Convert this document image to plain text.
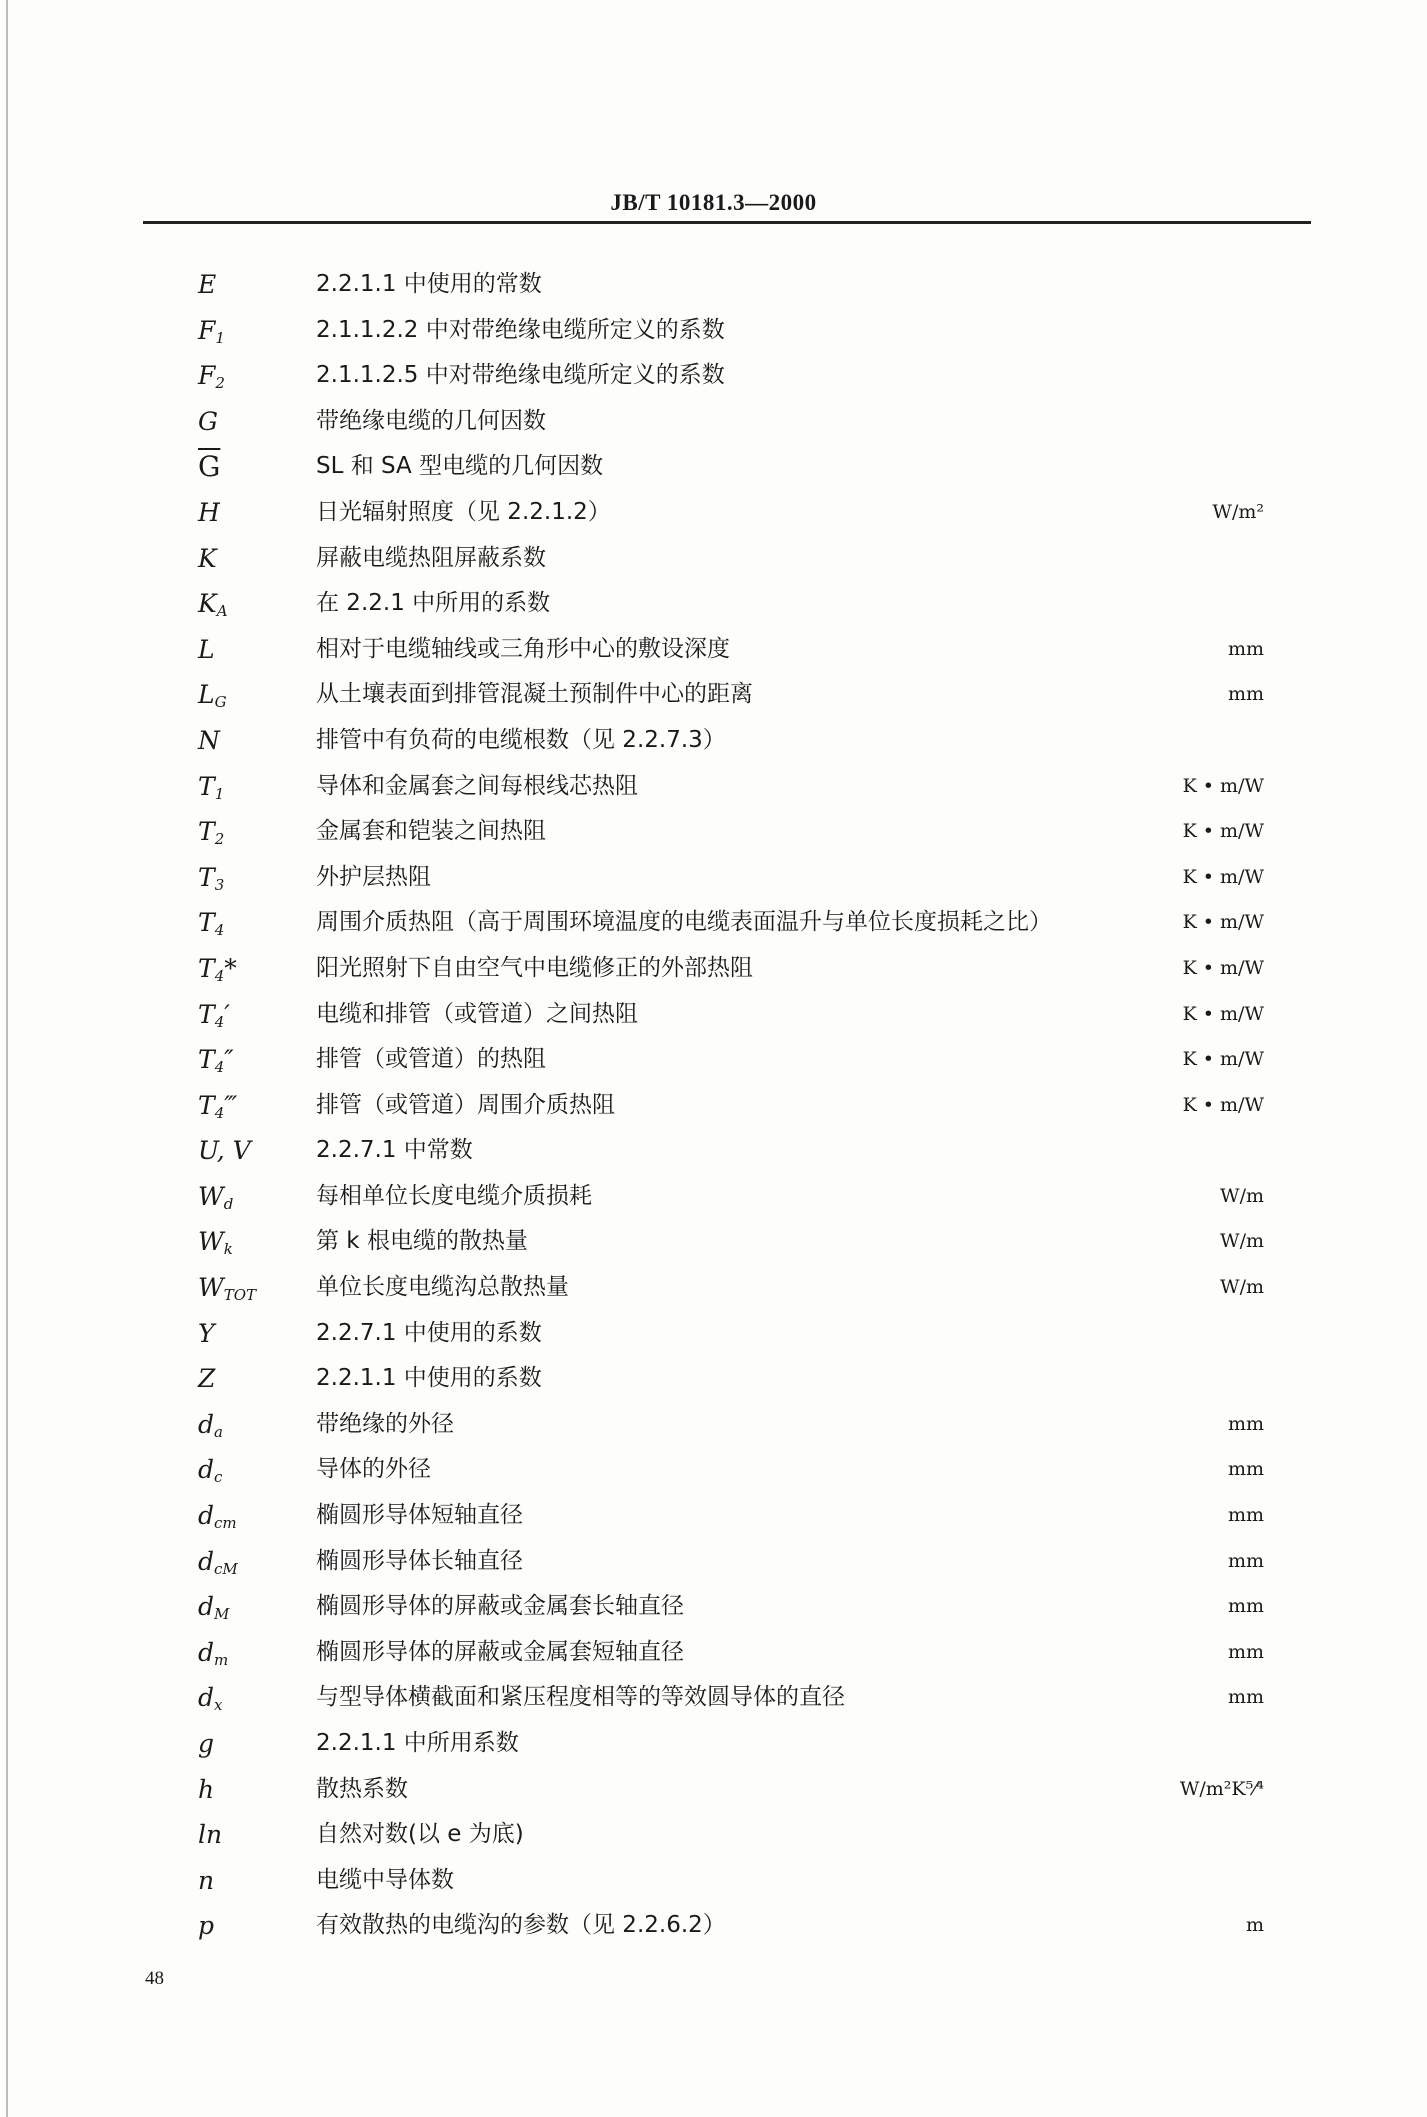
JB/T 10181.3—2000
E	2.2.1.1 中使用的常数
$F_1$	2.1.1.2.2 中对带绝缘电缆所定义的系数
$F_2$	2.1.1.2.5 中对带绝缘电缆所定义的系数
G	带绝缘电缆的几何因数
$\overline{G}$	SL 和 SA 型电缆的几何因数
H	日光辐射照度（见 2.2.1.2）	W/m²
K	屏蔽电缆热阻屏蔽系数
$K_A$	在 2.2.1 中所用的系数
L	相对于电缆轴线或三角形中心的敷设深度	mm
$L_G$	从土壤表面到排管混凝土预制件中心的距离	mm
N	排管中有负荷的电缆根数（见 2.2.7.3）
$T_1$	导体和金属套之间每根线芯热阻	K • m/W
$T_2$	金属套和铠装之间热阻	K • m/W
$T_3$	外护层热阻	K • m/W
$T_4$	周围介质热阻（高于周围环境温度的电缆表面温升与单位长度损耗之比）	K • m/W
$T_4*$	阳光照射下自由空气中电缆修正的外部热阻	K • m/W
$T_4'$	电缆和排管（或管道）之间热阻	K • m/W
$T_4''$	排管（或管道）的热阻	K • m/W
$T_4‴$	排管（或管道）周围介质热阻	K • m/W
U, V	2.2.7.1 中常数
$W_d$	每相单位长度电缆介质损耗	W/m
$W_k$	第 k 根电缆的散热量	W/m
$W_{TOT}$	单位长度电缆沟总散热量	W/m
Y	2.2.7.1 中使用的系数
Z	2.2.1.1 中使用的系数
$d_a$	带绝缘的外径	mm
$d_c$	导体的外径	mm
$d_{cm}$	椭圆形导体短轴直径	mm
$d_{cM}$	椭圆形导体长轴直径	mm
$d_M$	椭圆形导体的屏蔽或金属套长轴直径	mm
$d_m$	椭圆形导体的屏蔽或金属套短轴直径	mm
$d_x$	与型导体横截面和紧压程度相等的等效圆导体的直径	mm
g	2.2.1.1 中所用系数
h	散热系数	W/m²K⁵⁄⁴
ln	自然对数(以 e 为底)
n	电缆中导体数
p	有效散热的电缆沟的参数（见 2.2.6.2）	m
48
